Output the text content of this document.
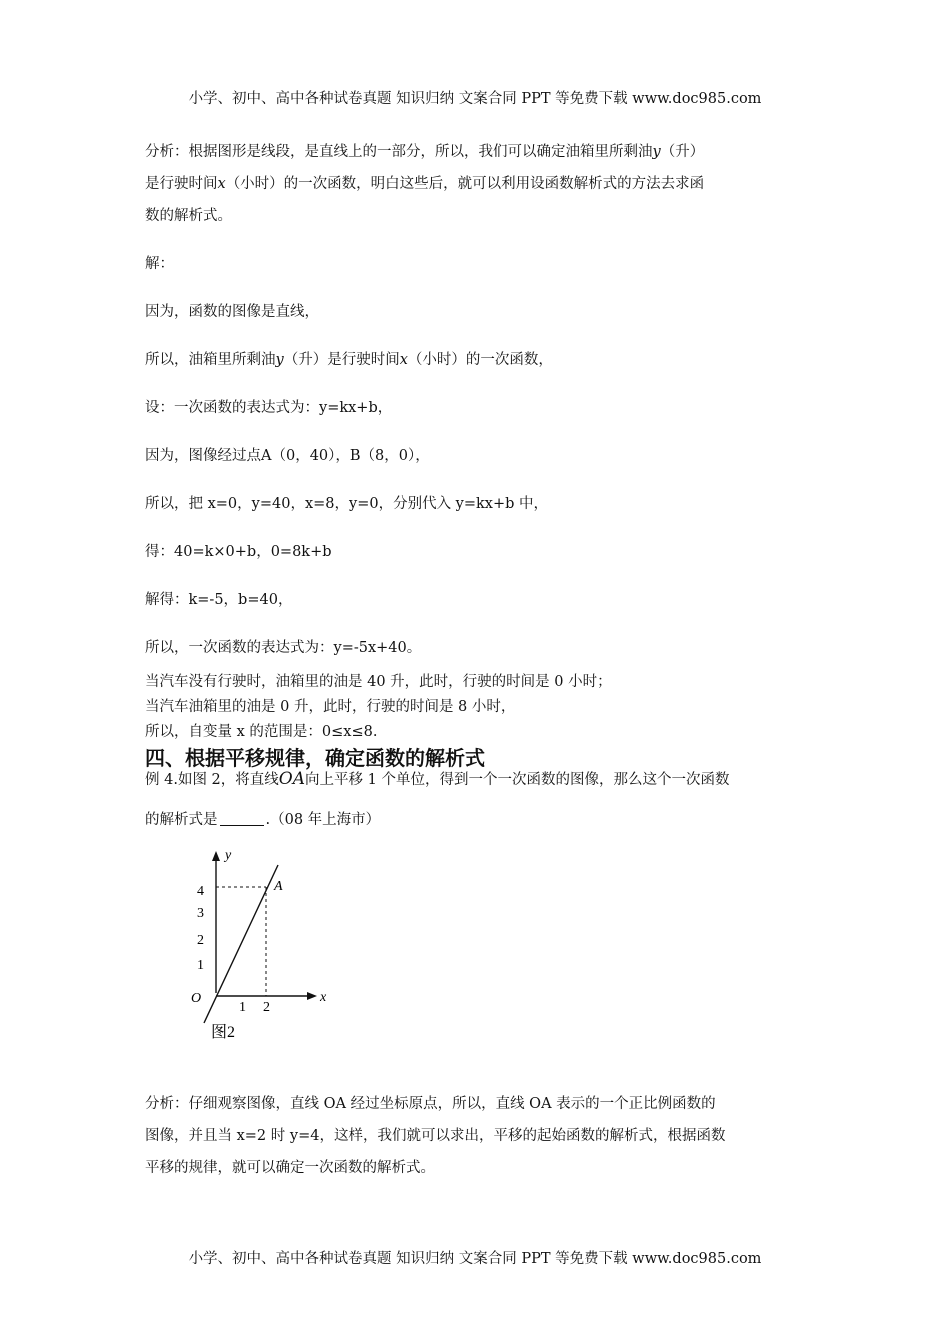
小学、初中、高中各种试卷真题 知识归纳 文案合同 PPT 等免费下载 www.doc985.com
分析：根据图形是线段，是直线上的一部分，所以，我们可以确定油箱里所剩油y（升）
是行驶时间x（小时）的一次函数，明白这些后，就可以利用设函数解析式的方法去求函
数的解析式。
解：
因为，函数的图像是直线，
所以，油箱里所剩油y（升）是行驶时间x（小时）的一次函数，
设：一次函数的表达式为：y=kx+b，
因为，图像经过点A（0，40），B（8，0），
所以，把 x=0，y=40，x=8，y=0，分别代入 y=kx+b 中，
得：40=k×0+b，0=8k+b
解得：k=-5，b=40，
所以，一次函数的表达式为：y=-5x+40。
当汽车没有行驶时，油箱里的油是 40 升，此时，行驶的时间是 0 小时；
当汽车油箱里的油是 0 升，此时，行驶的时间是 8 小时，
所以，自变量 x 的范围是：0≤x≤8.
四、根据平移规律，确定函数的解析式
例 4.如图 2，将直线OA向上平移 1 个单位，得到一个一次函数的图像，那么这个一次函数
的解析式是	.（08 年上海市）
y
x
O
A
1
2
3
4
1 2
图2
分析：仔细观察图像，直线 OA 经过坐标原点，所以，直线 OA 表示的一个正比例函数的
图像，并且当 x=2 时 y=4，这样，我们就可以求出，平移的起始函数的解析式，根据函数
平移的规律，就可以确定一次函数的解析式。
小学、初中、高中各种试卷真题 知识归纳 文案合同 PPT 等免费下载 www.doc985.com
